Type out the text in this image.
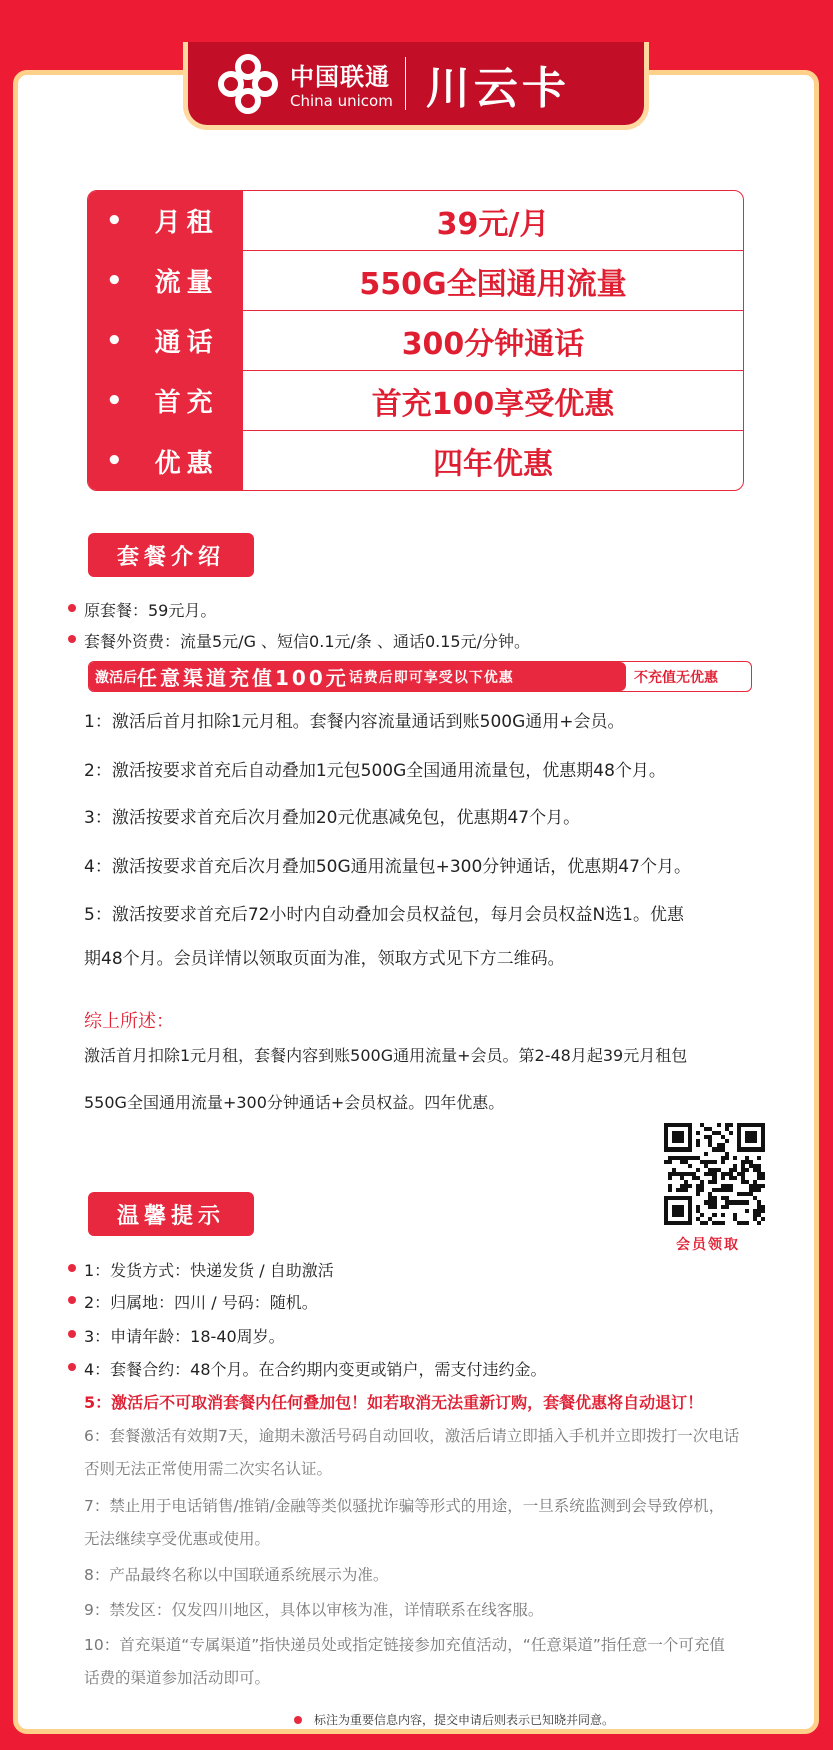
中国联通
China unicom 川云卡
• 月租	39元/月
• 流量	550G全国通用流量
• 通话	300分钟通话
• 首充	首充100享受优惠
• 优惠	四年优惠
套餐介绍
原套餐：59元月。
套餐外资费：流量5元/G 、短信0.1元/条 、通话0.15元/分钟。
激活后 任意渠道充值100元 话费后即可享受以下优惠	不充值无优惠
1：激活后首月扣除1元月租。套餐内容流量通话到账500G通用+会员。
2：激活按要求首充后自动叠加1元包500G全国通用流量包，优惠期48个月。
3：激活按要求首充后次月叠加20元优惠减免包，优惠期47个月。
4：激活按要求首充后次月叠加50G通用流量包+300分钟通话，优惠期47个月。
5：激活按要求首充后72小时内自动叠加会员权益包，每月会员权益N选1。优惠
期48个月。会员详情以领取页面为准，领取方式见下方二维码。
综上所述：
激活首月扣除1元月租，套餐内容到账500G通用流量+会员。第2-48月起39元月租包
550G全国通用流量+300分钟通话+会员权益。四年优惠。
会员领取
温馨提示
1：发货方式：快递发货 / 自助激活
2：归属地：四川 / 号码：随机。
3：申请年龄：18-40周岁。
4：套餐合约：48个月。在合约期内变更或销户，需支付违约金。
5：激活后不可取消套餐内任何叠加包！如若取消无法重新订购，套餐优惠将自动退订！
6：套餐激活有效期7天，逾期未激活号码自动回收，激活后请立即插入手机并立即拨打一次电话
否则无法正常使用需二次实名认证。
7：禁止用于电话销售/推销/金融等类似骚扰诈骗等形式的用途，一旦系统监测到会导致停机，
无法继续享受优惠或使用。
8：产品最终名称以中国联通系统展示为准。
9：禁发区：仅发四川地区，具体以审核为准，详情联系在线客服。
10：首充渠道“专属渠道”指快递员处或指定链接参加充值活动，“任意渠道”指任意一个可充值
话费的渠道参加活动即可。
标注为重要信息内容，提交申请后则表示已知晓并同意。
